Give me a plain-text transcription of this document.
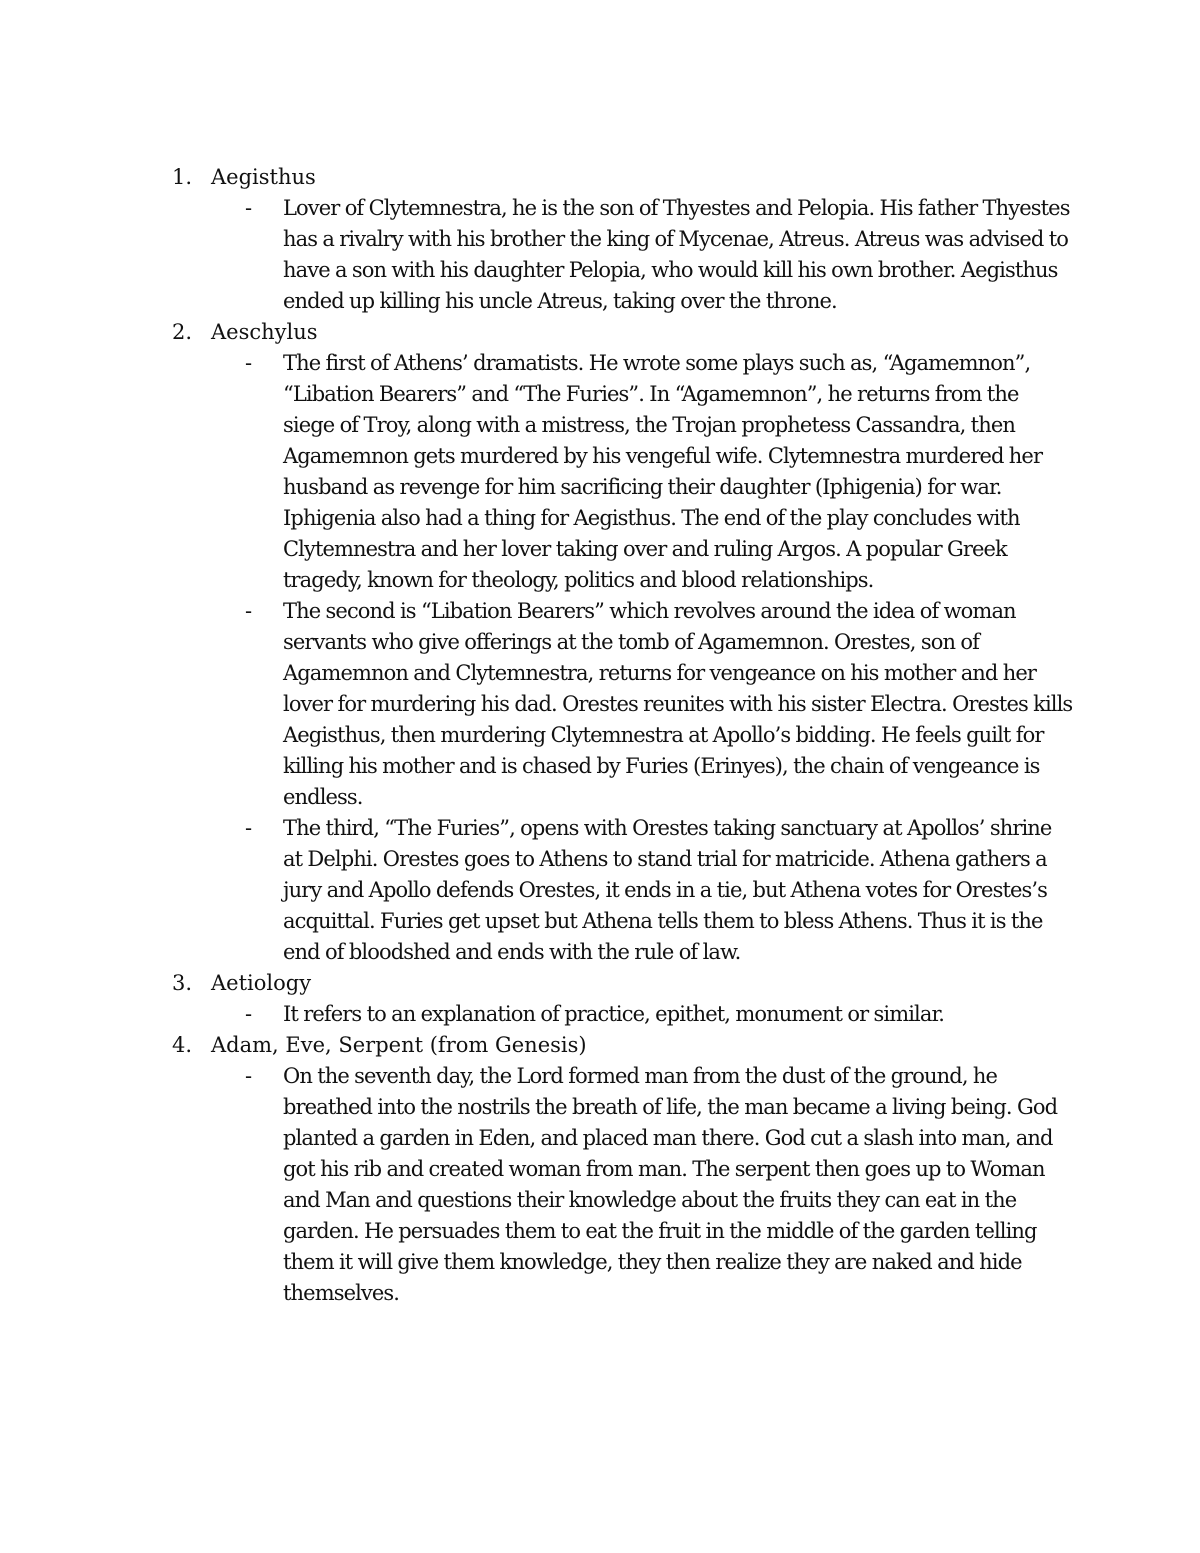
1. Aegisthus
- Lover of Clytemnestra, he is the son of Thyestes and Pelopia. His father Thyestes has a rivalry with his brother the king of Mycenae, Atreus. Atreus was advised to have a son with his daughter Pelopia, who would kill his own brother. Aegisthus ended up killing his uncle Atreus, taking over the throne.
2. Aeschylus
- The first of Athens’ dramatists. He wrote some plays such as, “Agamemnon”, “Libation Bearers” and “The Furies”. In “Agamemnon”, he returns from the siege of Troy, along with a mistress, the Trojan prophetess Cassandra, then Agamemnon gets murdered by his vengeful wife. Clytemnestra murdered her husband as revenge for him sacrificing their daughter (Iphigenia) for war. Iphigenia also had a thing for Aegisthus. The end of the play concludes with Clytemnestra and her lover taking over and ruling Argos. A popular Greek tragedy, known for theology, politics and blood relationships.
- The second is “Libation Bearers” which revolves around the idea of woman servants who give offerings at the tomb of Agamemnon. Orestes, son of Agamemnon and Clytemnestra, returns for vengeance on his mother and her lover for murdering his dad. Orestes reunites with his sister Electra. Orestes kills Aegisthus, then murdering Clytemnestra at Apollo’s bidding. He feels guilt for killing his mother and is chased by Furies (Erinyes), the chain of vengeance is endless.
- The third, “The Furies”, opens with Orestes taking sanctuary at Apollos’ shrine at Delphi. Orestes goes to Athens to stand trial for matricide. Athena gathers a jury and Apollo defends Orestes, it ends in a tie, but Athena votes for Orestes’s acquittal. Furies get upset but Athena tells them to bless Athens. Thus it is the end of bloodshed and ends with the rule of law.
3. Aetiology
- It refers to an explanation of practice, epithet, monument or similar.
4. Adam, Eve, Serpent (from Genesis)
- On the seventh day, the Lord formed man from the dust of the ground, he breathed into the nostrils the breath of life, the man became a living being. God planted a garden in Eden, and placed man there. God cut a slash into man, and got his rib and created woman from man. The serpent then goes up to Woman and Man and questions their knowledge about the fruits they can eat in the garden. He persuades them to eat the fruit in the middle of the garden telling them it will give them knowledge, they then realize they are naked and hide themselves.
